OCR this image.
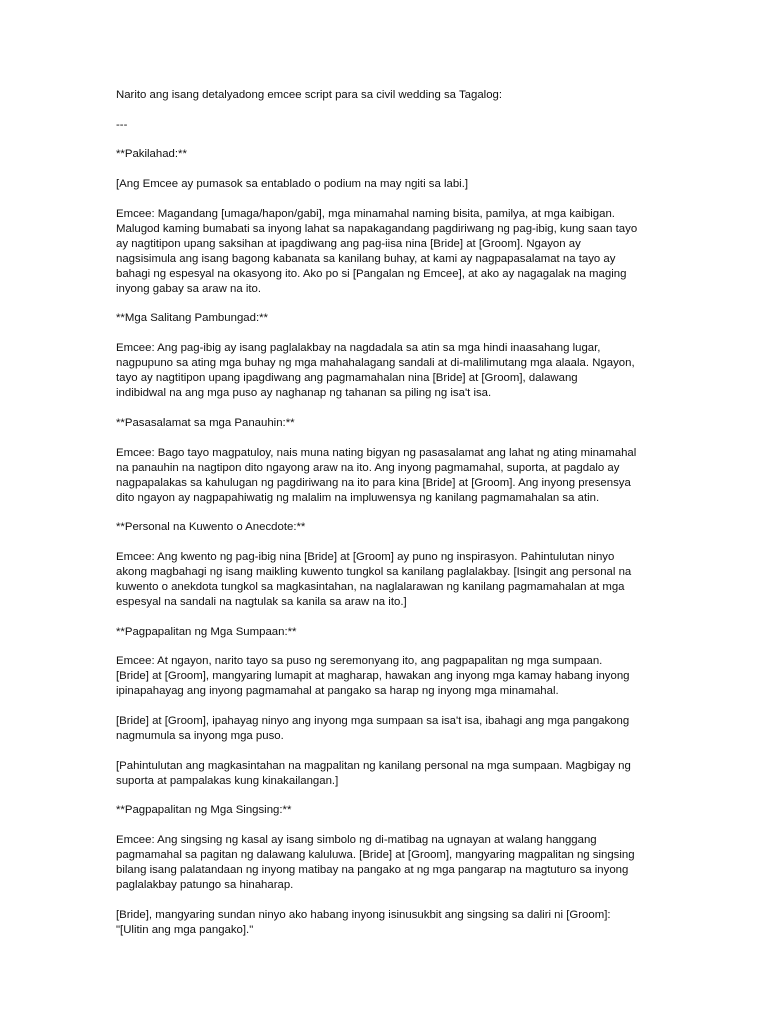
Narito ang isang detalyadong emcee script para sa civil wedding sa Tagalog:

---

**Pakilahad:**

[Ang Emcee ay pumasok sa entablado o podium na may ngiti sa labi.]

Emcee: Magandang [umaga/hapon/gabi], mga minamahal naming bisita, pamilya, at mga kaibigan.
Malugod kaming bumabati sa inyong lahat sa napakagandang pagdiriwang ng pag-ibig, kung saan tayo
ay nagtitipon upang saksihan at ipagdiwang ang pag-iisa nina [Bride] at [Groom]. Ngayon ay
nagsisimula ang isang bagong kabanata sa kanilang buhay, at kami ay nagpapasalamat na tayo ay
bahagi ng espesyal na okasyong ito. Ako po si [Pangalan ng Emcee], at ako ay nagagalak na maging
inyong gabay sa araw na ito.

**Mga Salitang Pambungad:**

Emcee: Ang pag-ibig ay isang paglalakbay na nagdadala sa atin sa mga hindi inaasahang lugar,
nagpupuno sa ating mga buhay ng mga mahahalagang sandali at di-malilimutang mga alaala. Ngayon,
tayo ay nagtitipon upang ipagdiwang ang pagmamahalan nina [Bride] at [Groom], dalawang
indibidwal na ang mga puso ay naghanap ng tahanan sa piling ng isa't isa.

**Pasasalamat sa mga Panauhin:**

Emcee: Bago tayo magpatuloy, nais muna nating bigyan ng pasasalamat ang lahat ng ating minamahal
na panauhin na nagtipon dito ngayong araw na ito. Ang inyong pagmamahal, suporta, at pagdalo ay
nagpapalakas sa kahulugan ng pagdiriwang na ito para kina [Bride] at [Groom]. Ang inyong presensya
dito ngayon ay nagpapahiwatig ng malalim na impluwensya ng kanilang pagmamahalan sa atin.

**Personal na Kuwento o Anecdote:**

Emcee: Ang kwento ng pag-ibig nina [Bride] at [Groom] ay puno ng inspirasyon. Pahintulutan ninyo
akong magbahagi ng isang maikling kuwento tungkol sa kanilang paglalakbay. [Isingit ang personal na
kuwento o anekdota tungkol sa magkasintahan, na naglalarawan ng kanilang pagmamahalan at mga
espesyal na sandali na nagtulak sa kanila sa araw na ito.]

**Pagpapalitan ng Mga Sumpaan:**

Emcee: At ngayon, narito tayo sa puso ng seremonyang ito, ang pagpapalitan ng mga sumpaan.
[Bride] at [Groom], mangyaring lumapit at magharap, hawakan ang inyong mga kamay habang inyong
ipinapahayag ang inyong pagmamahal at pangako sa harap ng inyong mga minamahal.

[Bride] at [Groom], ipahayag ninyo ang inyong mga sumpaan sa isa't isa, ibahagi ang mga pangakong
nagmumula sa inyong mga puso.

[Pahintulutan ang magkasintahan na magpalitan ng kanilang personal na mga sumpaan. Magbigay ng
suporta at pampalakas kung kinakailangan.]

**Pagpapalitan ng Mga Singsing:**

Emcee: Ang singsing ng kasal ay isang simbolo ng di-matibag na ugnayan at walang hanggang
pagmamahal sa pagitan ng dalawang kaluluwa. [Bride] at [Groom], mangyaring magpalitan ng singsing
bilang isang palatandaan ng inyong matibay na pangako at ng mga pangarap na magtuturo sa inyong
paglalakbay patungo sa hinaharap.

[Bride], mangyaring sundan ninyo ako habang inyong isinusukbit ang singsing sa daliri ni [Groom]:
"[Ulitin ang mga pangako]."
